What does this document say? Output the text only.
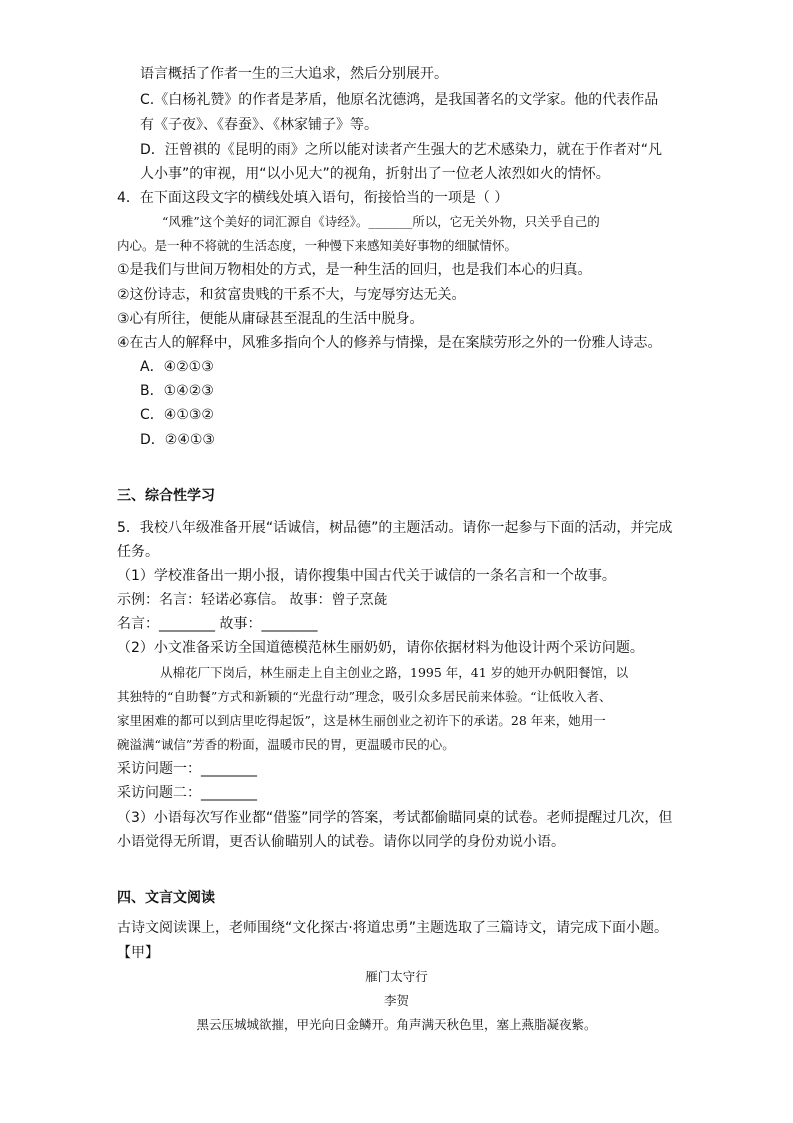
语言概括了作者一生的三大追求，然后分别展开。
C.《白杨礼赞》的作者是茅盾，他原名沈德鸿，是我国著名的文学家。他的代表作品
有《子夜》、《春蚕》、《林家铺子》等。
D．汪曾祺的《昆明的雨》之所以能对读者产生强大的艺术感染力，就在于作者对“凡
人小事”的审视，用“以小见大”的视角，折射出了一位老人浓烈如火的情怀。
4．在下面这段文字的横线处填入语句，衔接恰当的一项是（ ）
“风雅”这个美好的词汇源自《诗经》。_______所以，它无关外物，只关乎自己的
内心。是一种不将就的生活态度，一种慢下来感知美好事物的细腻情怀。
①是我们与世间万物相处的方式，是一种生活的回归，也是我们本心的归真。
②这份诗志，和贫富贵贱的干系不大，与宠辱穷达无关。
③心有所往，便能从庸碌甚至混乱的生活中脱身。
④在古人的解释中，风雅多指向个人的修养与情操，是在案牍劳形之外的一份雅人诗志。
A．④②①③
B．①④②③
C．④①③②
D．②④①③
三、综合性学习
5．我校八年级准备开展“话诚信，树品德”的主题活动。请你一起参与下面的活动，并完成
任务。
（1）学校准备出一期小报，请你搜集中国古代关于诚信的一条名言和一个故事。
示例：名言：轻诺必寡信。 故事：曾子烹彘
名言：________ 故事：________
（2）小文准备采访全国道德模范林生丽奶奶，请你依据材料为他设计两个采访问题。
从棉花厂下岗后，林生丽走上自主创业之路，1995 年，41 岁的她开办帆阳餐馆，以
其独特的“自助餐”方式和新颖的“光盘行动”理念，吸引众多居民前来体验。“让低收入者、
家里困难的都可以到店里吃得起饭”，这是林生丽创业之初许下的承诺。28 年来，她用一
碗溢满“诚信”芳香的粉面，温暖市民的胃，更温暖市民的心。
采访问题一：________
采访问题二：________
（3）小语每次写作业都“借鉴”同学的答案，考试都偷瞄同桌的试卷。老师提醒过几次，但
小语觉得无所谓，更否认偷瞄别人的试卷。请你以同学的身份劝说小语。
四、文言文阅读
古诗文阅读课上，老师围绕“文化探古·将道忠勇”主题选取了三篇诗文，请完成下面小题。
【甲】
雁门太守行
李贺
黑云压城城欲摧，甲光向日金鳞开。角声满天秋色里，塞上燕脂凝夜紫。
